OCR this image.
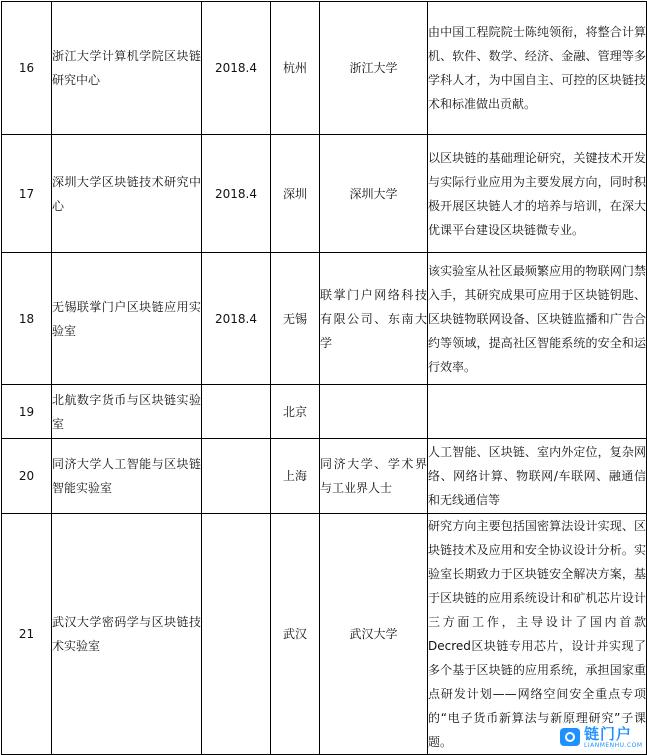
16	浙江大学计算机学院区块链研究中心	2018.4	杭州	浙江大学	由中国工程院院士陈纯领衔，将整合计算机、软件、数学、经济、金融、管理等多学科人才，为中国自主、可控的区块链技术和标准做出贡献。
17	深圳大学区块链技术研究中心	2018.4	深圳	深圳大学	以区块链的基础理论研究，关键技术开发与实际行业应用为主要发展方向，同时积极开展区块链人才的培养与培训，在深大优课平台建设区块链微专业。
18	无锡联掌门户区块链应用实验室	2018.4	无锡	联掌门户网络科技有限公司、东南大学	该实验室从社区最频繁应用的物联网门禁入手，其研究成果可应用于区块链钥匙、区块链物联网设备、区块链监播和广告合约等领域，提高社区智能系统的安全和运行效率。
19	北航数字货币与区块链实验室		北京		
20	同济大学人工智能与区块链智能实验室		上海	同济大学、学术界与工业界人士	人工智能、区块链、室内外定位，复杂网络、网络计算、物联网/车联网、融通信和无线通信等
21	武汉大学密码学与区块链技术实验室		武汉	武汉大学	研究方向主要包括国密算法设计实现、区块链技术及应用和安全协议设计分析。实验室长期致力于区块链安全解决方案，基于区块链的应用系统设计和矿机芯片设计三方面工作，主导设计了国内首款Decred区块链专用芯片，设计并实现了多个基于区块链的应用系统，承担国家重点研发计划——网络空间安全重点专项的“电子货币新算法与新原理研究”子课题。	链门户
LIANMENHU.COM
